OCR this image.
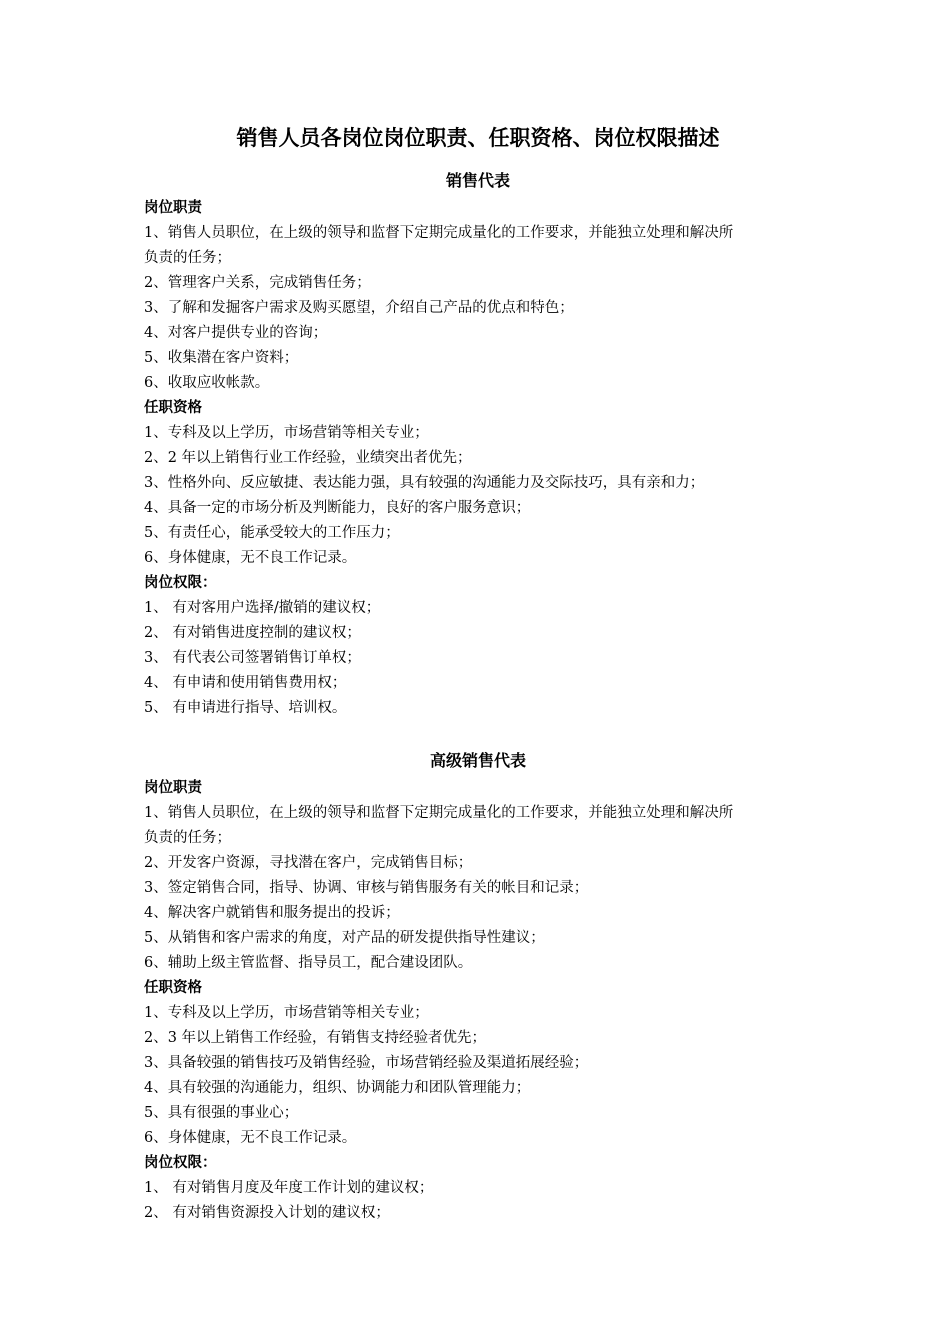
销售人员各岗位岗位职责、任职资格、岗位权限描述
销售代表
岗位职责
1、销售人员职位，在上级的领导和监督下定期完成量化的工作要求，并能独立处理和解决所
负责的任务；
2、管理客户关系，完成销售任务；
3、了解和发掘客户需求及购买愿望，介绍自己产品的优点和特色；
4、对客户提供专业的咨询；
5、收集潜在客户资料；
6、收取应收帐款。
任职资格
1、专科及以上学历，市场营销等相关专业；
2、2 年以上销售行业工作经验，业绩突出者优先；
3、性格外向、反应敏捷、表达能力强，具有较强的沟通能力及交际技巧，具有亲和力；
4、具备一定的市场分析及判断能力，良好的客户服务意识；
5、有责任心，能承受较大的工作压力；
6、身体健康，无不良工作记录。
岗位权限：
1、 有对客用户选择/撤销的建议权；
2、 有对销售进度控制的建议权；
3、 有代表公司签署销售订单权；
4、 有申请和使用销售费用权；
5、 有申请进行指导、培训权。
高级销售代表
岗位职责
1、销售人员职位，在上级的领导和监督下定期完成量化的工作要求，并能独立处理和解决所
负责的任务；
2、开发客户资源，寻找潜在客户，完成销售目标；
3、签定销售合同，指导、协调、审核与销售服务有关的帐目和记录；
4、解决客户就销售和服务提出的投诉；
5、从销售和客户需求的角度，对产品的研发提供指导性建议；
6、辅助上级主管监督、指导员工，配合建设团队。
任职资格
1、专科及以上学历，市场营销等相关专业；
2、3 年以上销售工作经验，有销售支持经验者优先；
3、具备较强的销售技巧及销售经验，市场营销经验及渠道拓展经验；
4、具有较强的沟通能力，组织、协调能力和团队管理能力；
5、具有很强的事业心；
6、身体健康，无不良工作记录。
岗位权限：
1、 有对销售月度及年度工作计划的建议权；
2、 有对销售资源投入计划的建议权；
